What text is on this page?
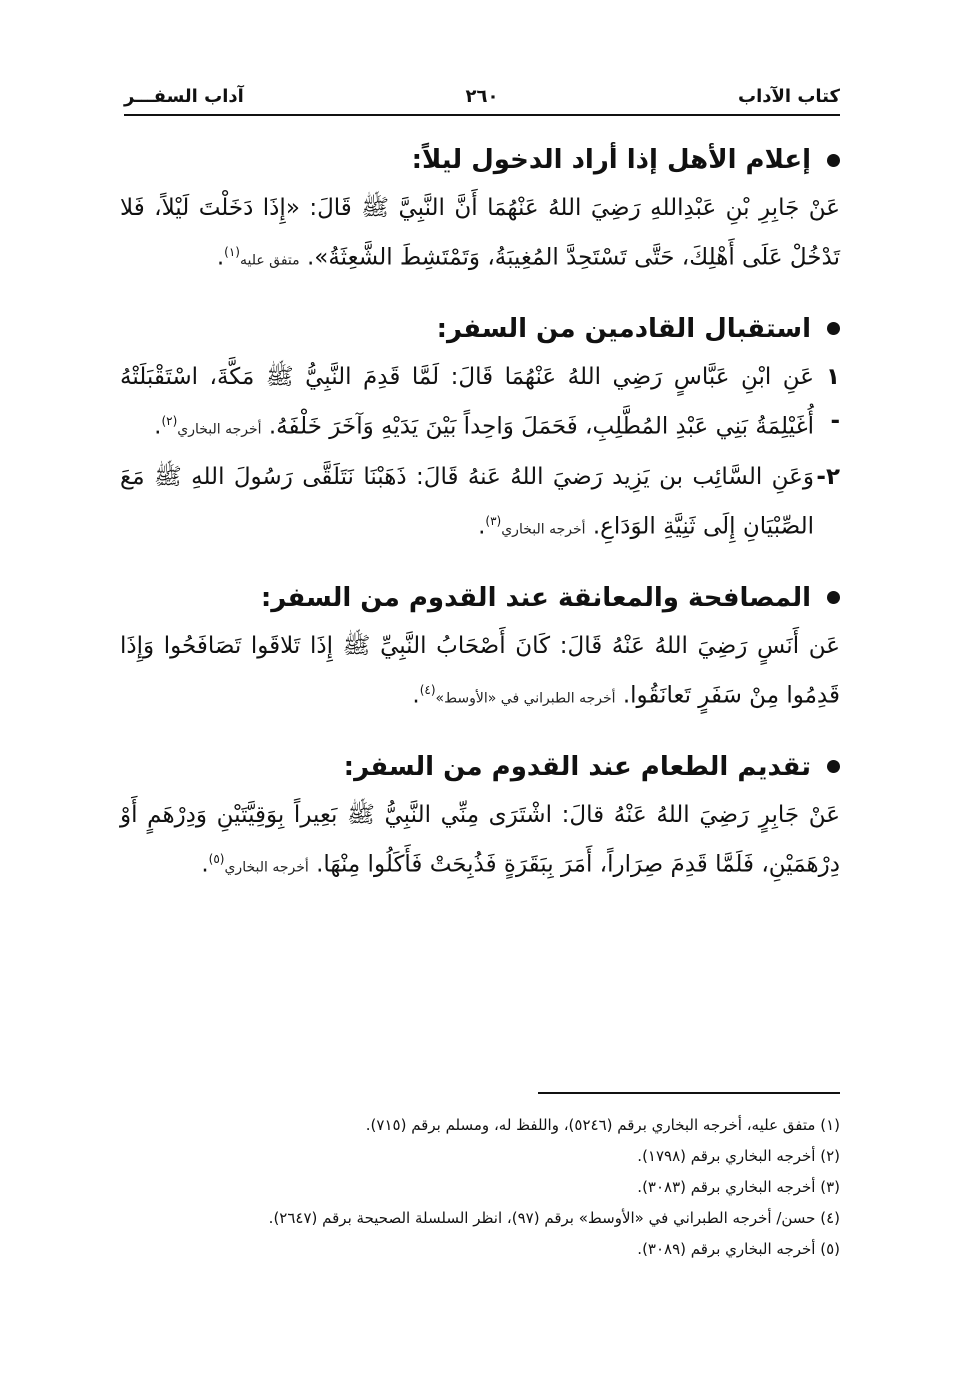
كتاب الآداب
٢٦٠
آداب السفـــر
إعلام الأهل إذا أراد الدخول ليلاً:

عَنْ جَابِرِ بْنِ عَبْدِاللهِ رَضِيَ اللهُ عَنْهُمَا أَنَّ النَّبِيَّ ﷺ قَالَ: «إِذَا دَخَلْتَ لَيْلاً، فَلا تَدْخُلْ عَلَى أَهْلِكَ، حَتَّى تَسْتَحِدَّ المُغِيبَةُ، وَتَمْتَشِطَ الشَّعِثَةُ». متفق عليه$^{(١)}$.

استقبال القادمين من السفر:
١ -
عَنِ ابْنِ عَبَّاسٍ رَضِي اللهُ عَنْهُمَا قَالَ: لَمَّا قَدِمَ النَّبِيُّ ﷺ مَكَّةَ، اسْتَقْبَلَتْهُ أُغَيْلِمَةُ بَنِي عَبْدِ المُطَّلِبِ، فَحَمَلَ وَاحِداً بَيْنَ يَدَيْهِ وَآخَرَ خَلْفَهُ. أخرجه البخاري$^{(٢)}$.
٢-
وَعَنِ السَّائِب بن يَزِيد رَضيَ اللهُ عَنهُ قَالَ: ذَهَبْنَا نَتَلَقَّى رَسُولَ اللهِ ﷺ مَعَ الصِّبْيَانِ إِلَى ثَنِيَّةِ الوَدَاعِ. أخرجه البخاري$^{(٣)}$.
المصافحة والمعانقة عند القدوم من السفر:

عَن أَنَسٍ رَضِيَ اللهُ عَنْهُ قَالَ: كَانَ أَصْحَابُ النَّبِيِّ ﷺ إِذَا تَلاقَوا تَصَافَحُوا وَإِذَا قَدِمُوا مِنْ سَفَرٍ تَعانَقُوا. أخرجه الطبراني في «الأوسط»$^{(٤)}$.

تقديم الطعام عند القدوم من السفر:

عَنْ جَابِرٍ رَضِيَ اللهُ عَنْهُ قالَ: اشْتَرَى مِنِّي النَّبِيُّ ﷺ بَعِيراً بِوَقِيَّتَيْنِ وَدِرْهَمٍ أَوْ دِرْهَمَيْنِ، فَلَمَّا قَدِمَ صِرَاراً، أَمَرَ بِبَقَرَةٍ فَذُبِحَتْ فَأَكَلُوا مِنْهَا. أخرجه البخاري$^{(٥)}$.

(١) متفق عليه، أخرجه البخاري برقم (٥٢٤٦)، واللفظ له، ومسلم برقم (٧١٥).
(٢) أخرجه البخاري برقم (١٧٩٨).
(٣) أخرجه البخاري برقم (٣٠٨٣).
(٤) حسن/ أخرجه الطبراني في «الأوسط» برقم (٩٧)، انظر السلسلة الصحيحة برقم (٢٦٤٧).
(٥) أخرجه البخاري برقم (٣٠٨٩).
